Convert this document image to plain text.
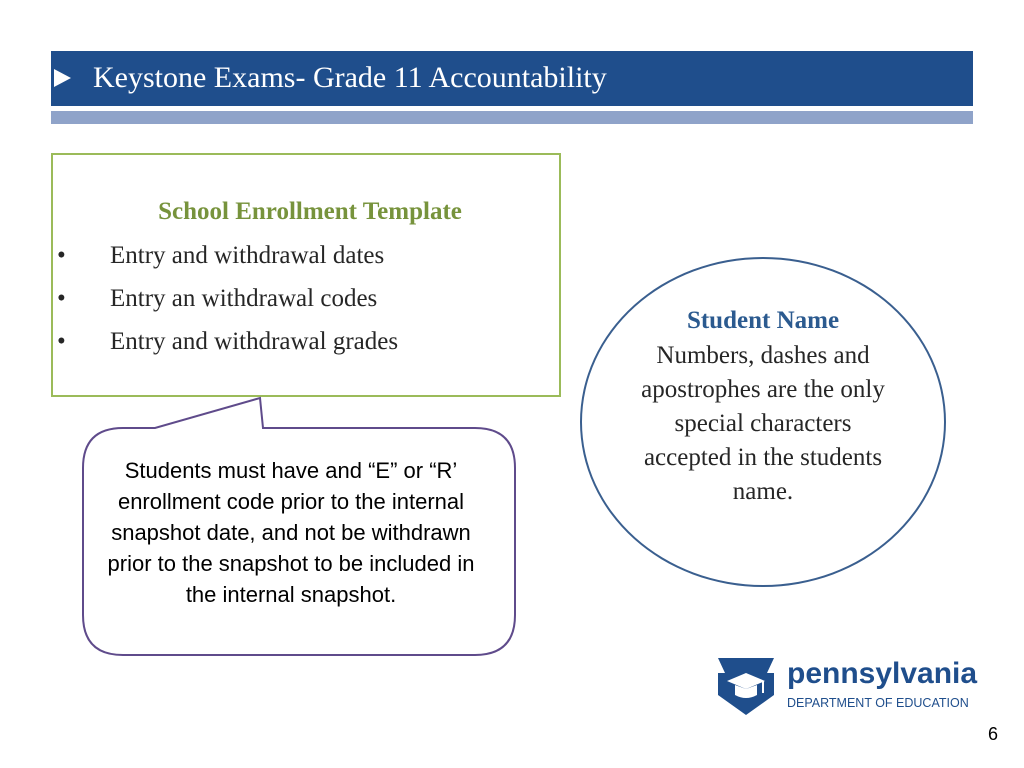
Keystone Exams- Grade 11 Accountability
School Enrollment Template
•	Entry and withdrawal dates
•	Entry an withdrawal codes
•	Entry and withdrawal grades
Students must have and “E” or “R’ enrollment code prior to the internal snapshot date, and not be withdrawn prior to the snapshot to be included in the internal snapshot.
Student Name
Numbers, dashes and apostrophes are the only special characters accepted in the students name.
pennsylvania
DEPARTMENT OF EDUCATION
6
